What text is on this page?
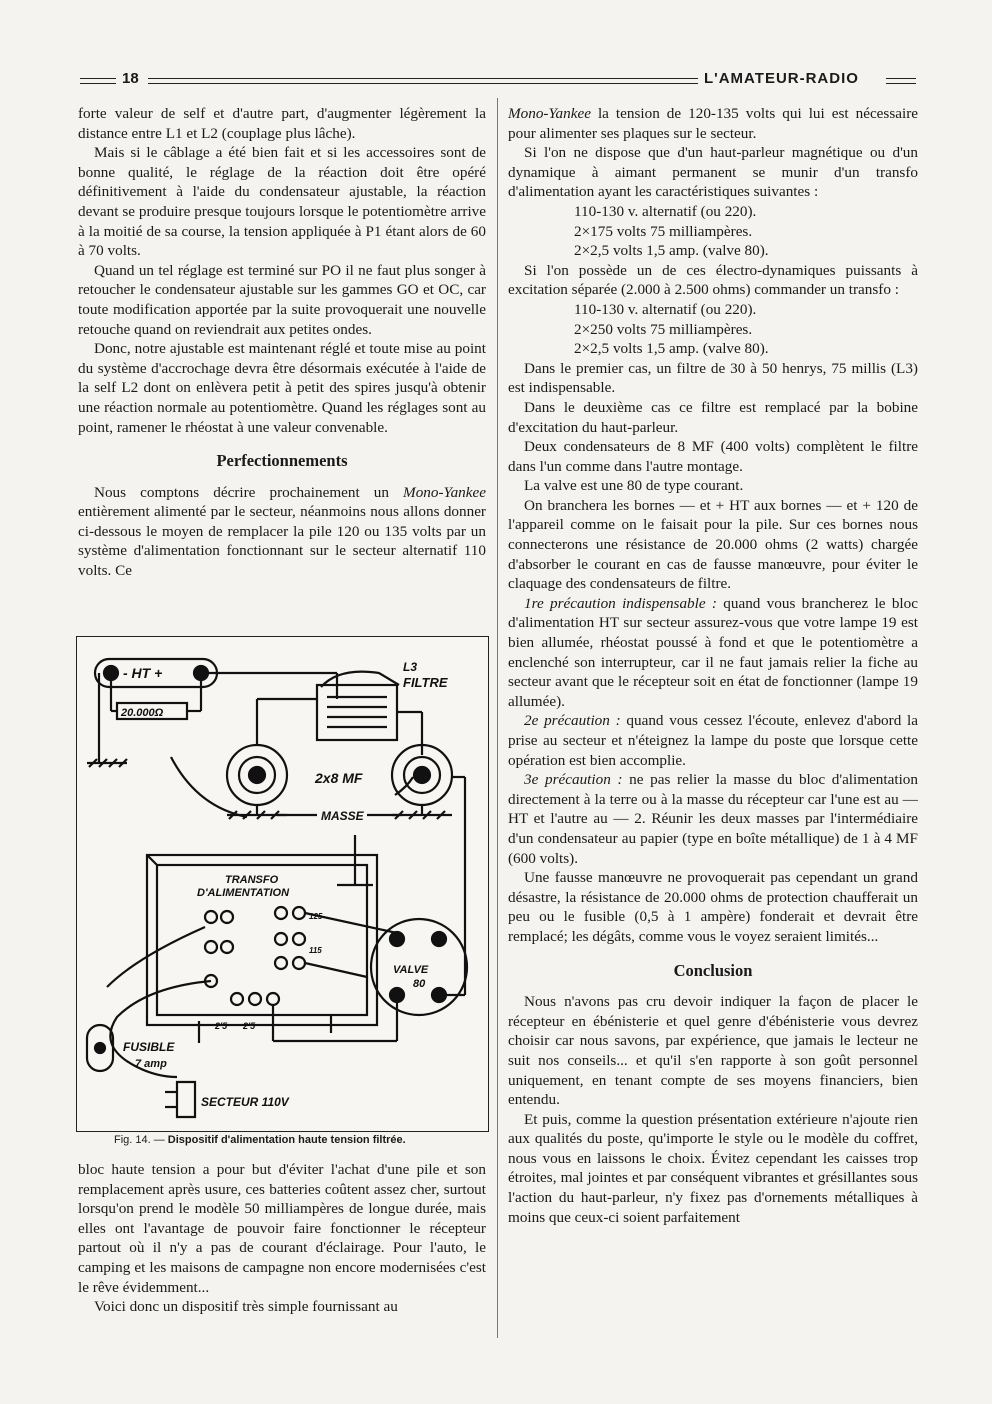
18	L'AMATEUR-RADIO

forte valeur de self et d'autre part, d'augmenter légèrement la distance entre L1 et L2 (couplage plus lâche).

Mais si le câblage a été bien fait et si les accessoires sont de bonne qualité, le réglage de la réaction doit être opéré définitivement à l'aide du condensateur ajustable, la réaction devant se produire presque toujours lorsque le potentiomètre arrive à la moitié de sa course, la tension appliquée à P1 étant alors de 60 à 70 volts.

Quand un tel réglage est terminé sur PO il ne faut plus songer à retoucher le condensateur ajustable sur les gammes GO et OC, car toute modification apportée par la suite provoquerait une nouvelle retouche quand on reviendrait aux petites ondes.

Donc, notre ajustable est maintenant réglé et toute mise au point du système d'accrochage devra être désormais exécutée à l'aide de la self L2 dont on enlèvera petit à petit des spires jusqu'à obtenir une réaction normale au potentiomètre. Quand les réglages sont au point, ramener le rhéostat à une valeur convenable.

Perfectionnements

Nous comptons décrire prochainement un Mono-Yankee entièrement alimenté par le secteur, néanmoins nous allons donner ci-dessous le moyen de remplacer la pile 120 ou 135 volts par un système d'alimentation fonctionnant sur le secteur alternatif 110 volts. Ce

- HT +
20.000Ω
L3
FILTRE
2x8 MF
MASSE
TRANSFO
D'ALIMENTATION
125
115
VALVE
80
2'5 2'5
FUSIBLE
7 amp
SECTEUR 110V
Fig. 14. — Dispositif d'alimentation haute tension filtrée.

bloc haute tension a pour but d'éviter l'achat d'une pile et son remplacement après usure, ces batteries coûtent assez cher, surtout lorsqu'on prend le modèle 50 milliampères de longue durée, mais elles ont l'avantage de pouvoir faire fonctionner le récepteur partout où il n'y a pas de courant d'éclairage. Pour l'auto, le camping et les maisons de campagne non encore modernisées c'est le rêve évidemment...

Voici donc un dispositif très simple fournissant au

Mono-Yankee la tension de 120-135 volts qui lui est nécessaire pour alimenter ses plaques sur le secteur.

Si l'on ne dispose que d'un haut-parleur magnétique ou d'un dynamique à aimant permanent se munir d'un transfo d'alimentation ayant les caractéristiques suivantes :

110-130 v. alternatif (ou 220).

2×175 volts 75 milliampères.

2×2,5 volts 1,5 amp. (valve 80).

Si l'on possède un de ces électro-dynamiques puissants à excitation séparée (2.000 à 2.500 ohms) commander un transfo :

110-130 v. alternatif (ou 220).

2×250 volts 75 milliampères.

2×2,5 volts 1,5 amp. (valve 80).

Dans le premier cas, un filtre de 30 à 50 henrys, 75 millis (L3) est indispensable.

Dans le deuxième cas ce filtre est remplacé par la bobine d'excitation du haut-parleur.

Deux condensateurs de 8 MF (400 volts) complètent le filtre dans l'un comme dans l'autre montage.

La valve est une 80 de type courant.

On branchera les bornes — et + HT aux bornes — et + 120 de l'appareil comme on le faisait pour la pile. Sur ces bornes nous connecterons une résistance de 20.000 ohms (2 watts) chargée d'absorber le courant en cas de fausse manœuvre, pour éviter le claquage des condensateurs de filtre.

1re précaution indispensable : quand vous brancherez le bloc d'alimentation HT sur secteur assurez-vous que votre lampe 19 est bien allumée, rhéostat poussé à fond et que le potentiomètre a enclenché son interrupteur, car il ne faut jamais relier la fiche au secteur avant que le récepteur soit en état de fonctionner (lampe 19 allumée).

2e précaution : quand vous cessez l'écoute, enlevez d'abord la prise au secteur et n'éteignez la lampe du poste que lorsque cette opération est bien accomplie.

3e précaution : ne pas relier la masse du bloc d'alimentation directement à la terre ou à la masse du récepteur car l'une est au — HT et l'autre au — 2. Réunir les deux masses par l'intermédiaire d'un condensateur au papier (type en boîte métallique) de 1 à 4 MF (600 volts).

Une fausse manœuvre ne provoquerait pas cependant un grand désastre, la résistance de 20.000 ohms de protection chaufferait un peu ou le fusible (0,5 à 1 ampère) fonderait et devrait être remplacé; les dégâts, comme vous le voyez seraient limités...

Conclusion

Nous n'avons pas cru devoir indiquer la façon de placer le récepteur en ébénisterie et quel genre d'ébénisterie vous devrez choisir car nous savons, par expérience, que jamais le lecteur ne suit nos conseils... et qu'il s'en rapporte à son goût personnel uniquement, en tenant compte de ses moyens financiers, bien entendu.

Et puis, comme la question présentation extérieure n'ajoute rien aux qualités du poste, qu'importe le style ou le modèle du coffret, nous vous en laissons le choix. Évitez cependant les caisses trop étroites, mal jointes et par conséquent vibrantes et grésillantes sous l'action du haut-parleur, n'y fixez pas d'ornements métalliques à moins que ceux-ci soient parfaitement
